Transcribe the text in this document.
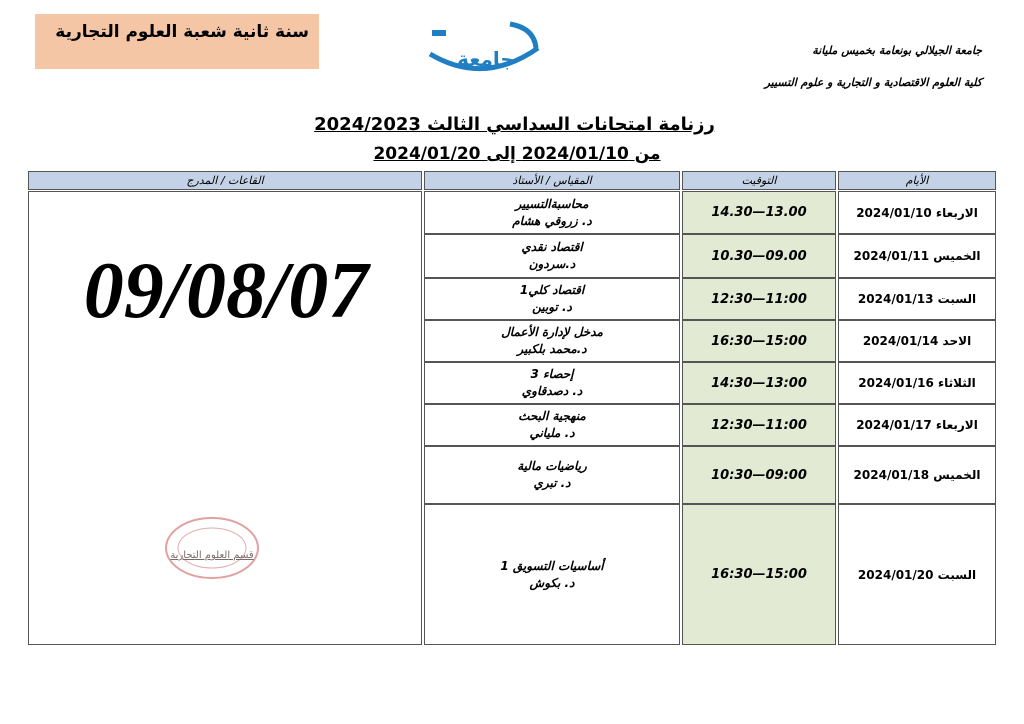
سنة ثانية شعبة العلوم التجارية
جامعة	جامعة الجيلالي بونعامة بخميس مليانة
كلية العلوم الاقتصادية و التجارية و علوم التسيير
رزنامة امتحانات السداسي الثالث 2024/2023
من 2024/01/10 إلى 2024/01/20
الأيام
التوقيت
المقياس / الأستاذ
القاعات / المدرج
الاربعاء 2024/01/10
14.30—13.00
محاسبةالتسيير
د. زروقي هشام
الخميس 2024/01/11
10.30—09.00
اقتصاد نقدي
د.سردون
السبت 2024/01/13
12:30—11:00
اقتصاد كلي1
د. توبين
الاحد 2024/01/14
16:30—15:00
مدخل لإدارة الأعمال
د.محمد بلكبير
الثلاثاء 2024/01/16
14:30—13:00
إحصاء 3
د. دصدقاوي
الاربعاء 2024/01/17
12:30—11:00
منهجية البحث
د. ملياني
الخميس 2024/01/18
10:30—09:00
رياضيات مالية
د. تبري
السبت 2024/01/20
16:30—15:00
أساسيات التسويق 1
د. بكوش
09/08/07
قسم العلوم التجارية
